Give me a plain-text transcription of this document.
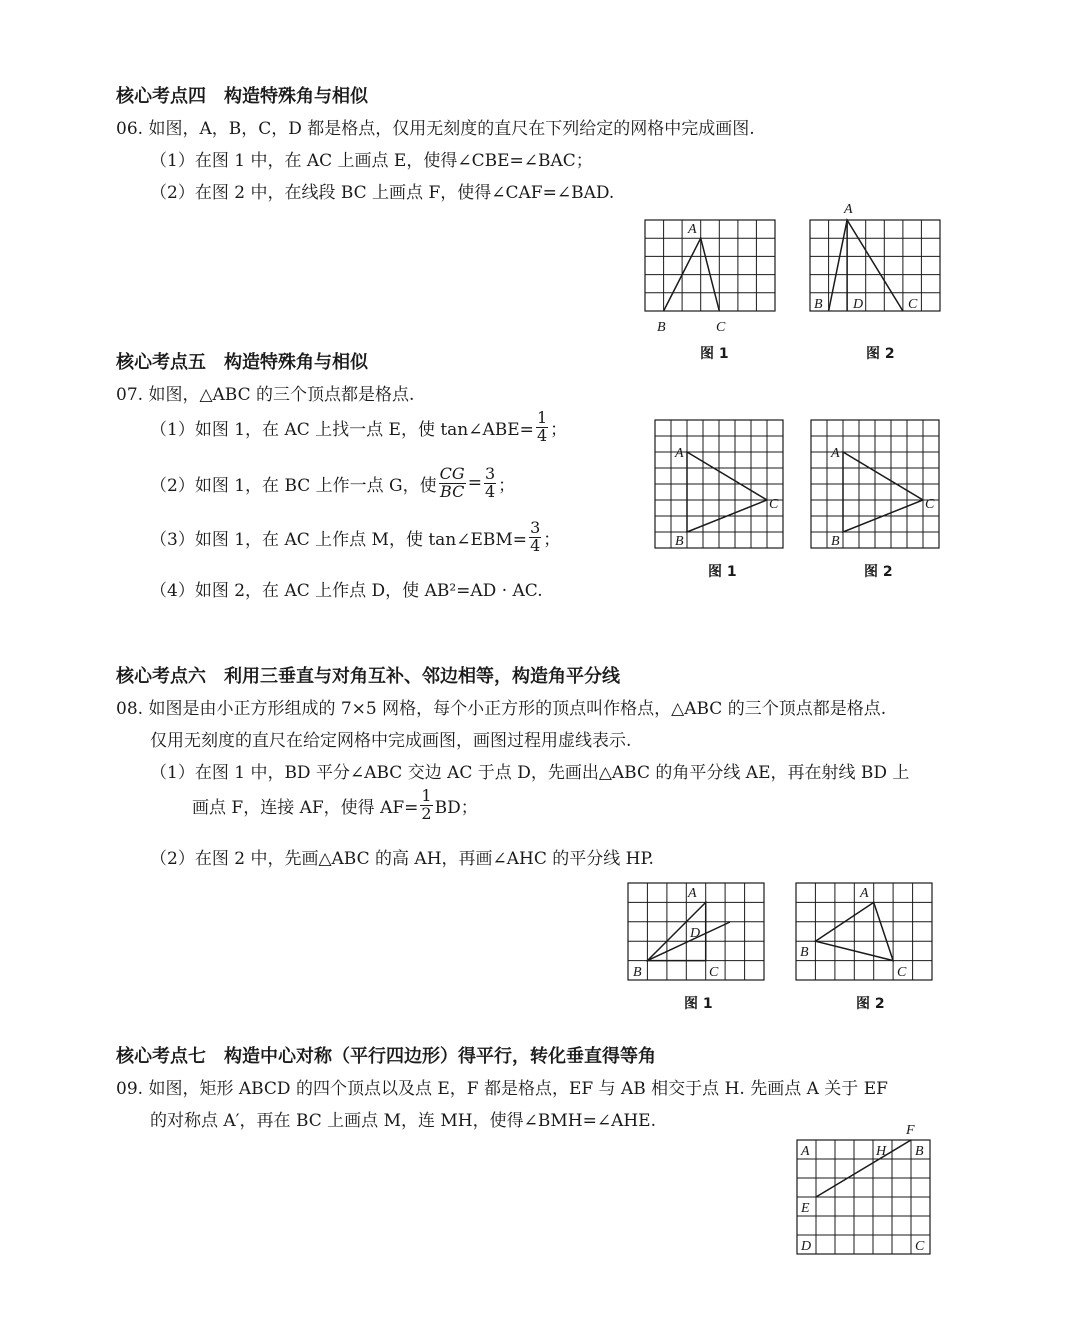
核心考点四　构造特殊角与相似
06. 如图，A，B，C，D 都是格点，仅用无刻度的直尺在下列给定的网格中完成画图.
（1）在图 1 中，在 AC 上画点 E，使得∠CBE=∠BAC；
（2）在图 2 中，在线段 BC 上画点 F，使得∠CAF=∠BAD.
A
B	C
A
B D	C
图 1	图 2
核心考点五　构造特殊角与相似
07. 如图，△ABC 的三个顶点都是格点.
（1）如图 1，在 AC 上找一点 E，使 tan∠ABE= $\frac{1}{4}$ ；
（2）如图 1，在 BC 上作一点 G，使 $\frac{CG}{BC} = \frac{3}{4}$ ；
（3）如图 1，在 AC 上作点 M，使 tan∠EBM= $\frac{3}{4}$ ；
（4）如图 2，在 AC 上作点 D，使 AB²=AD · AC.
A
B
C
A
B
C
图 1	图 2
核心考点六　利用三垂直与对角互补、邻边相等，构造角平分线
08. 如图是由小正方形组成的 7×5 网格，每个小正方形的顶点叫作格点，△ABC 的三个顶点都是格点.
仅用无刻度的直尺在给定网格中完成画图，画图过程用虚线表示.
（1）在图 1 中，BD 平分∠ABC 交边 AC 于点 D，先画出△ABC 的角平分线 AE，再在射线 BD 上
画点 F，连接 AF，使得 $AF= \frac{1}{2}$ BD；
（2）在图 2 中，先画△ABC 的高 AH，再画∠AHC 的平分线 HP.
A
B	C
D
A
B
C
图 1	图 2
核心考点七　构造中心对称（平行四边形）得平行，转化垂直得等角
09. 如图，矩形 ABCD 的四个顶点以及点 E，F 都是格点，EF 与 AB 相交于点 H. 先画点 A 关于 EF
的对称点 A′，再在 BC 上画点 M，连 MH，使得∠BMH=∠AHE.
A	B
D	C
E
F
H
